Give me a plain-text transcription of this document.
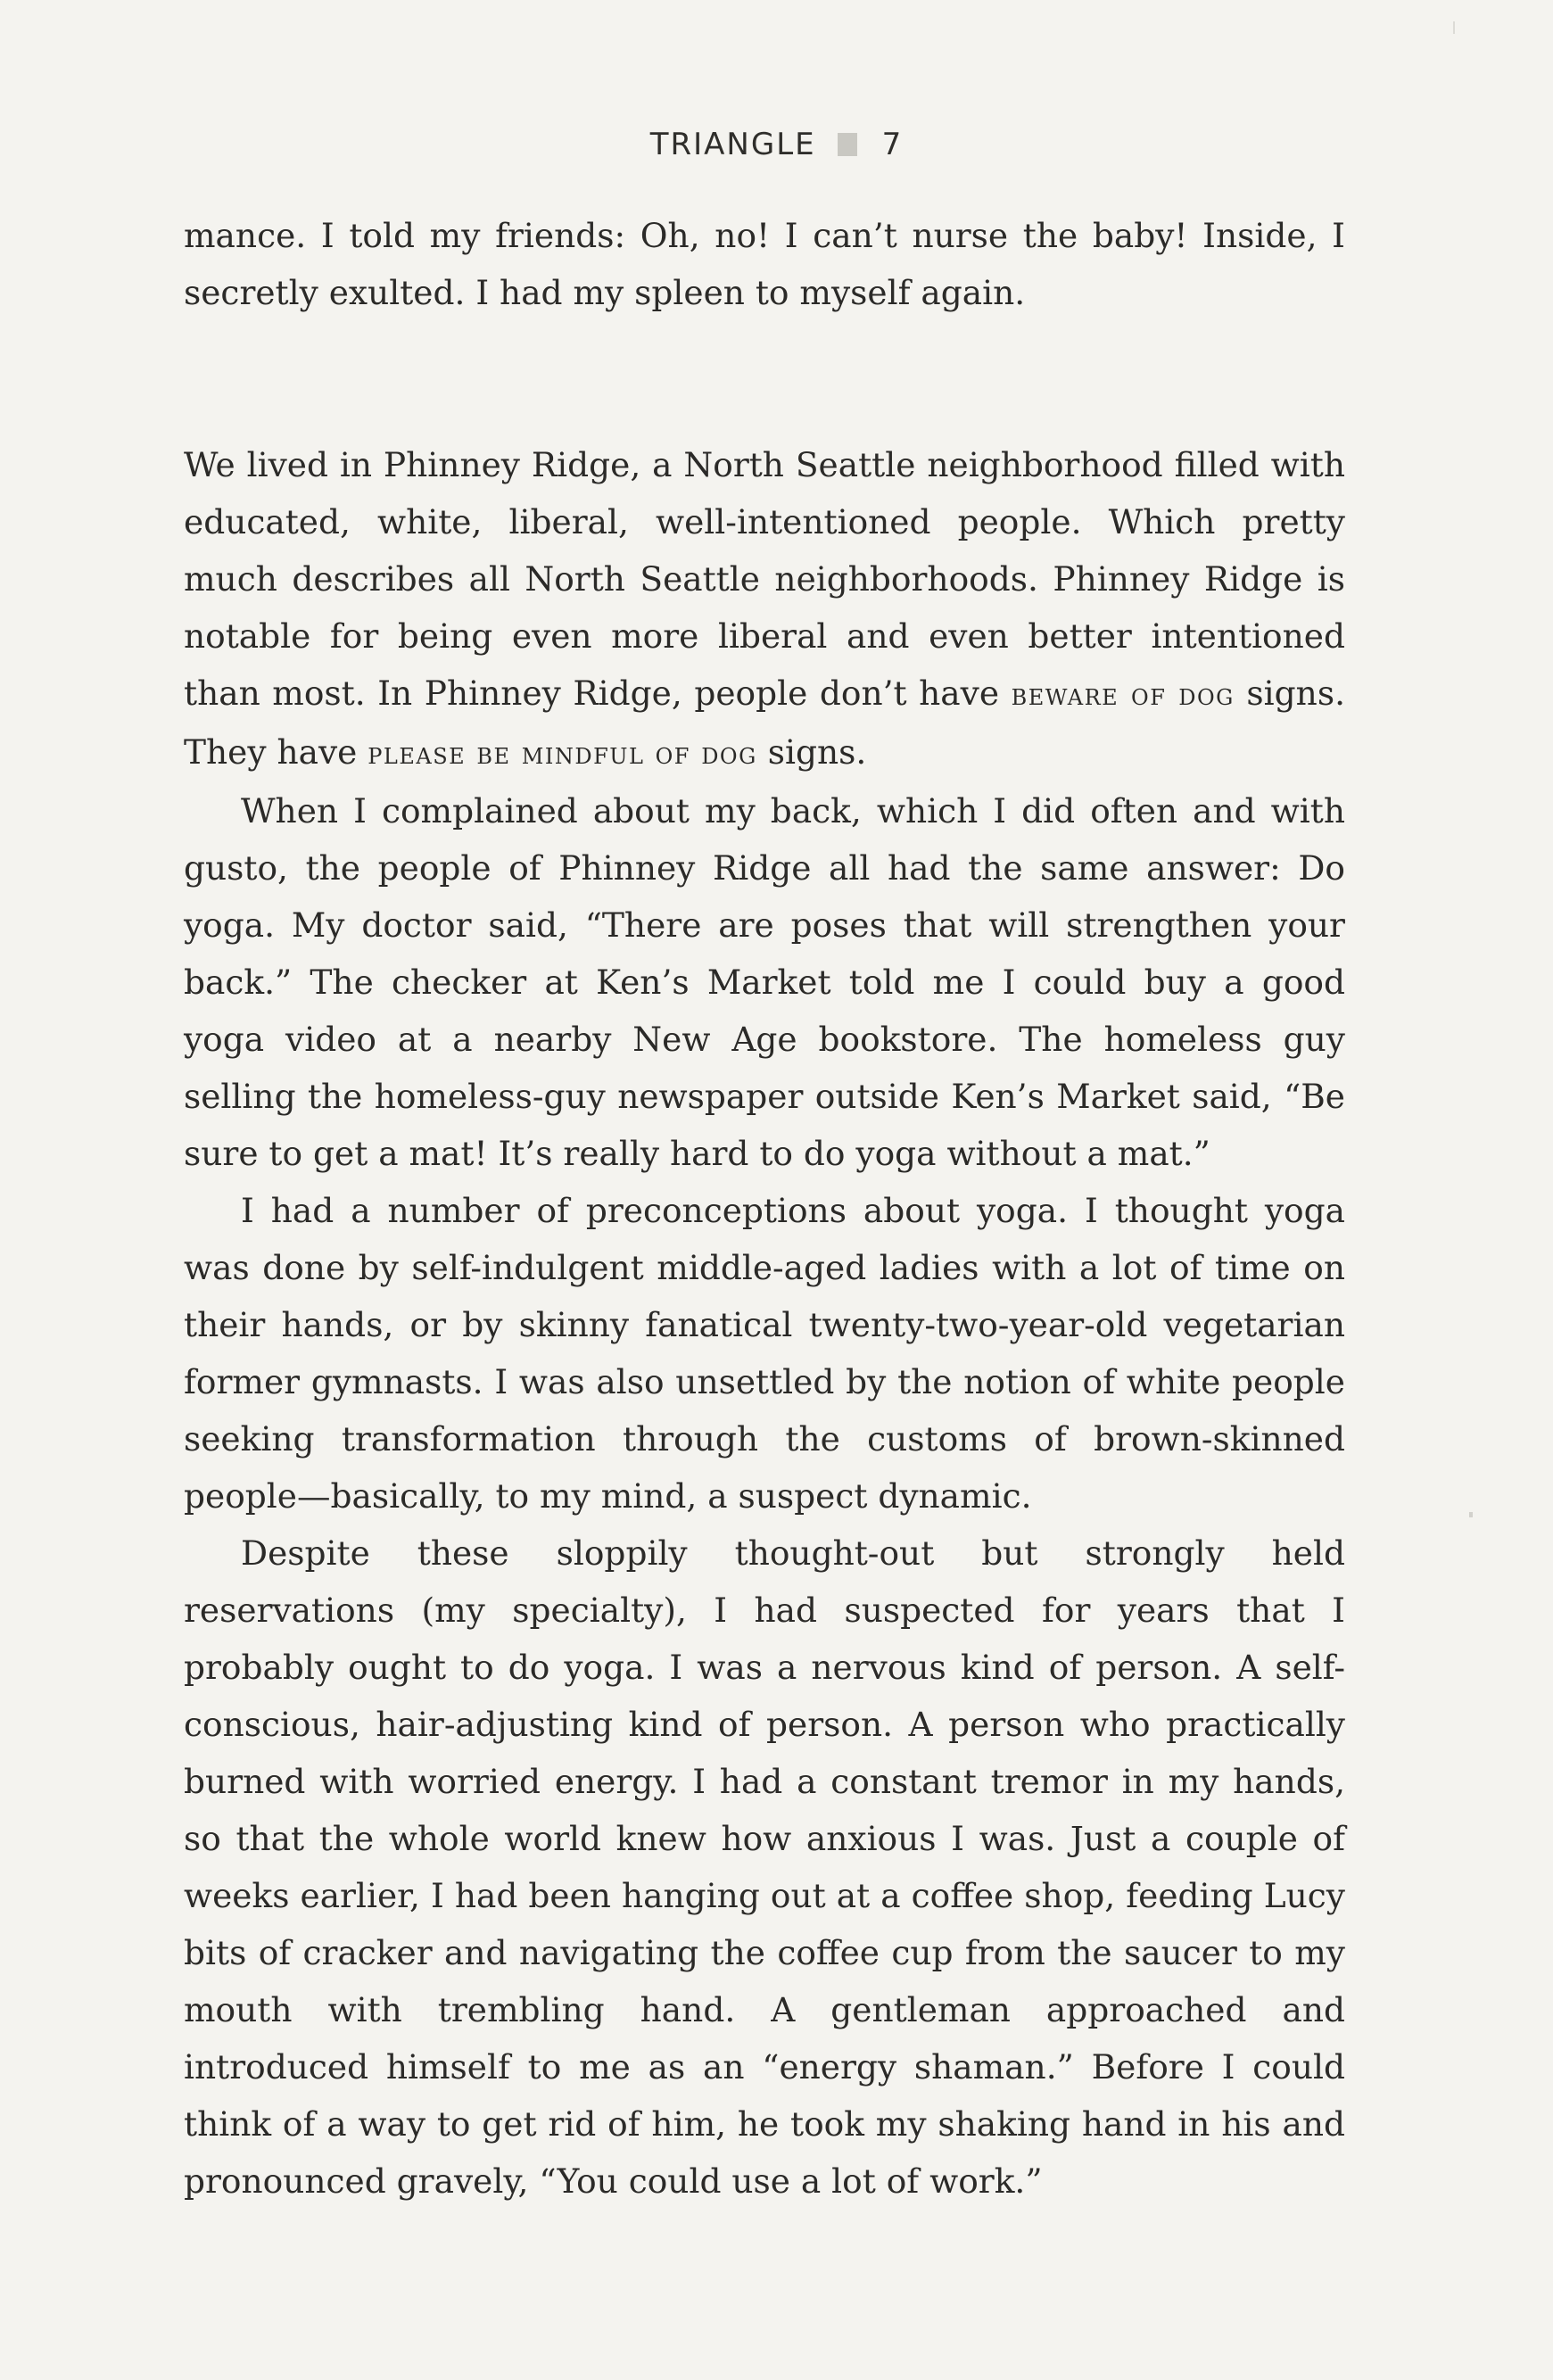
TRIANGLE 7

mance. I told my friends: Oh, no! I can’t nurse the baby! Inside, I secretly exulted. I had my spleen to myself again.

We lived in Phinney Ridge, a North Seattle neighborhood filled with educated, white, liberal, well-intentioned people. Which pretty much describes all North Seattle neighborhoods. Phinney Ridge is notable for being even more liberal and even better intentioned than most. In Phinney Ridge, people don’t have beware of dog signs. They have please be mindful of dog signs.

When I complained about my back, which I did often and with gusto, the people of Phinney Ridge all had the same answer: Do yoga. My doctor said, “There are poses that will strengthen your back.” The checker at Ken’s Market told me I could buy a good yoga video at a nearby New Age bookstore. The homeless guy selling the homeless-guy newspaper outside Ken’s Market said, “Be sure to get a mat! It’s really hard to do yoga without a mat.”

I had a number of preconceptions about yoga. I thought yoga was done by self-indulgent middle-aged ladies with a lot of time on their hands, or by skinny fanatical twenty-two-year-old vegetarian former gymnasts. I was also unsettled by the notion of white people seeking transformation through the customs of brown-skinned people—basically, to my mind, a suspect dynamic.

Despite these sloppily thought-out but strongly held reservations (my specialty), I had suspected for years that I probably ought to do yoga. I was a nervous kind of person. A self-conscious, hair-adjusting kind of person. A person who practically burned with worried energy. I had a constant tremor in my hands, so that the whole world knew how anxious I was. Just a couple of weeks earlier, I had been hanging out at a coffee shop, feeding Lucy bits of cracker and navigating the coffee cup from the saucer to my mouth with trembling hand. A gentleman approached and introduced himself to me as an “energy shaman.” Before I could think of a way to get rid of him, he took my shaking hand in his and pronounced gravely, “You could use a lot of work.”
